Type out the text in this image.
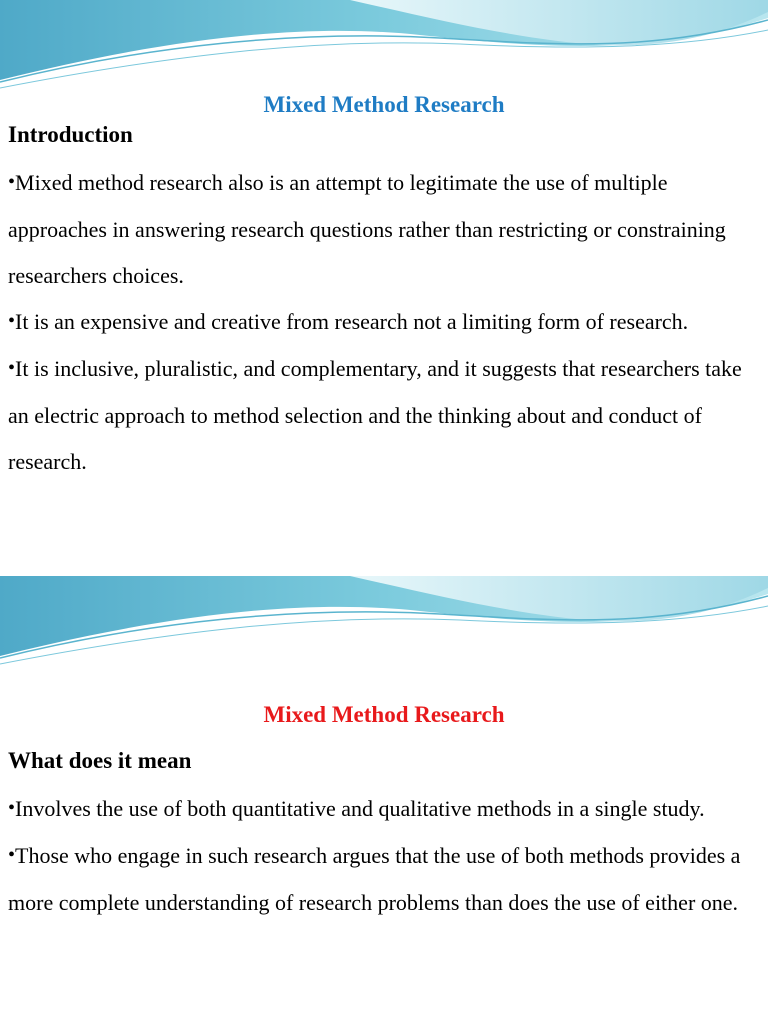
Mixed Method Research
Introduction

•Mixed method research also is an attempt to legitimate the use of multiple approaches in answering research questions rather than restricting or constraining researchers choices.

•It is an expensive and creative from research not a limiting form of research.

•It is inclusive, pluralistic, and complementary, and it suggests that researchers take an electric approach to method selection and the thinking about and conduct of research.

Mixed Method Research
What does it mean

•Involves the use of both quantitative and qualitative methods in a single study.

•Those who engage in such research argues that the use of both methods provides a more complete understanding of research problems than does the use of either one.
